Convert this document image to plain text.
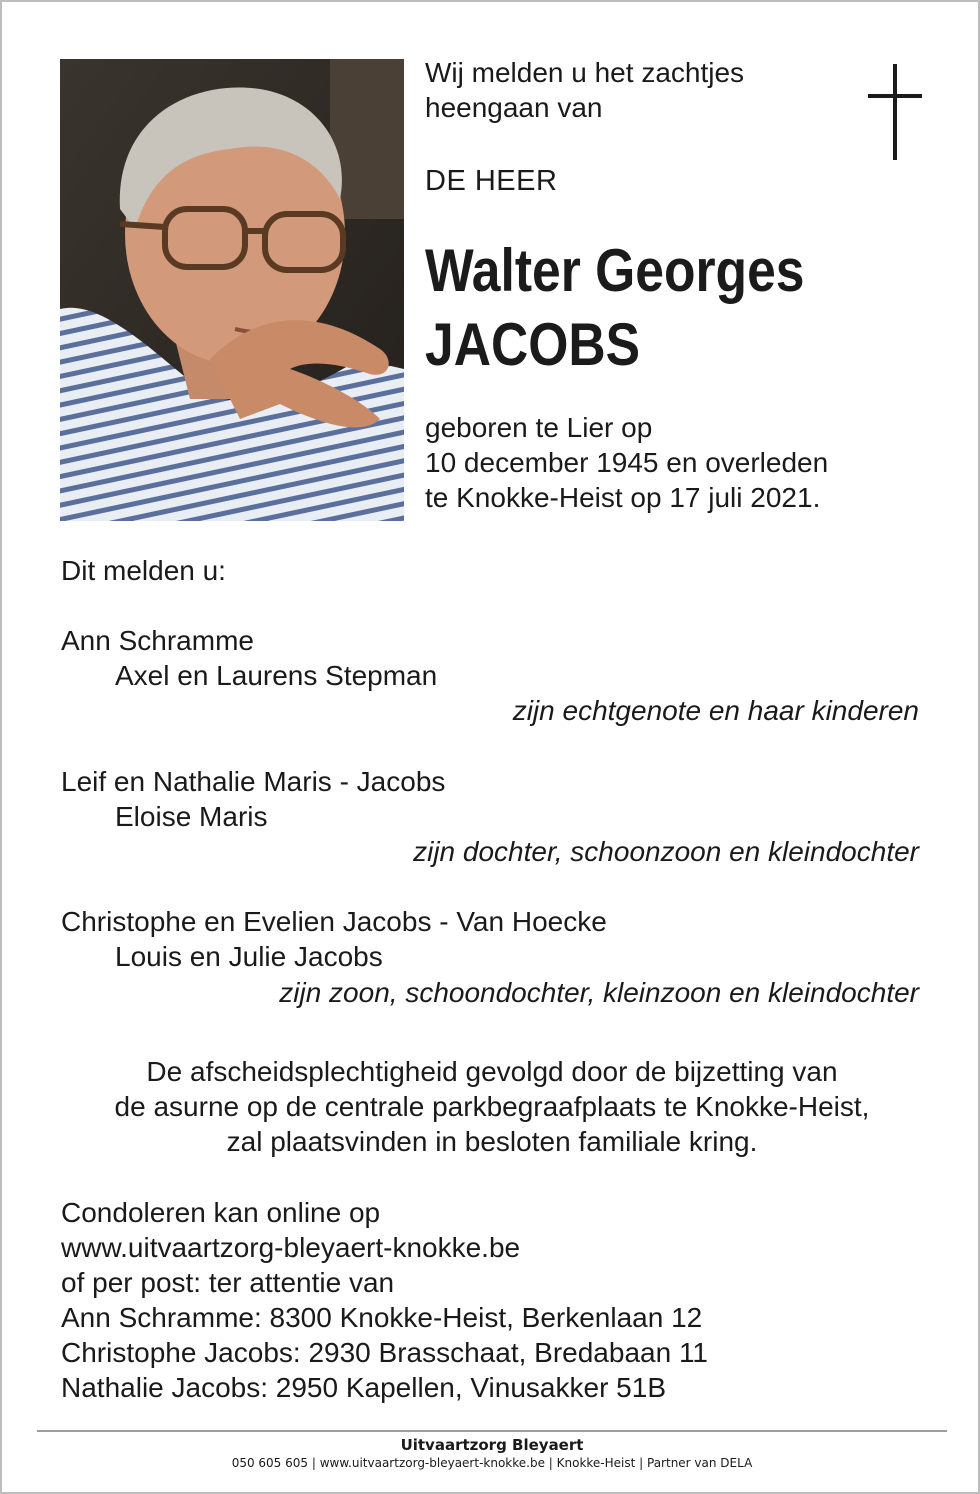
Wij melden u het zachtjes
heengaan van
DE HEER
Walter Georges
JACOBS
geboren te Lier op
10 december 1945 en overleden
te Knokke-Heist op 17 juli 2021.
Dit melden u:
Ann Schramme
Axel en Laurens Stepman
zijn echtgenote en haar kinderen
Leif en Nathalie Maris - Jacobs
Eloise Maris
zijn dochter, schoonzoon en kleindochter
Christophe en Evelien Jacobs - Van Hoecke
Louis en Julie Jacobs
zijn zoon, schoondochter, kleinzoon en kleindochter
De afscheidsplechtigheid gevolgd door de bijzetting van
de asurne op de centrale parkbegraafplaats te Knokke-Heist,
zal plaatsvinden in besloten familiale kring.
Condoleren kan online op
www.uitvaartzorg-bleyaert-knokke.be
of per post: ter attentie van
Ann Schramme: 8300 Knokke-Heist, Berkenlaan 12
Christophe Jacobs: 2930 Brasschaat, Bredabaan 11
Nathalie Jacobs: 2950 Kapellen, Vinusakker 51B
Uitvaartzorg Bleyaert
050 605 605 | www.uitvaartzorg-bleyaert-knokke.be | Knokke-Heist | Partner van DELA
